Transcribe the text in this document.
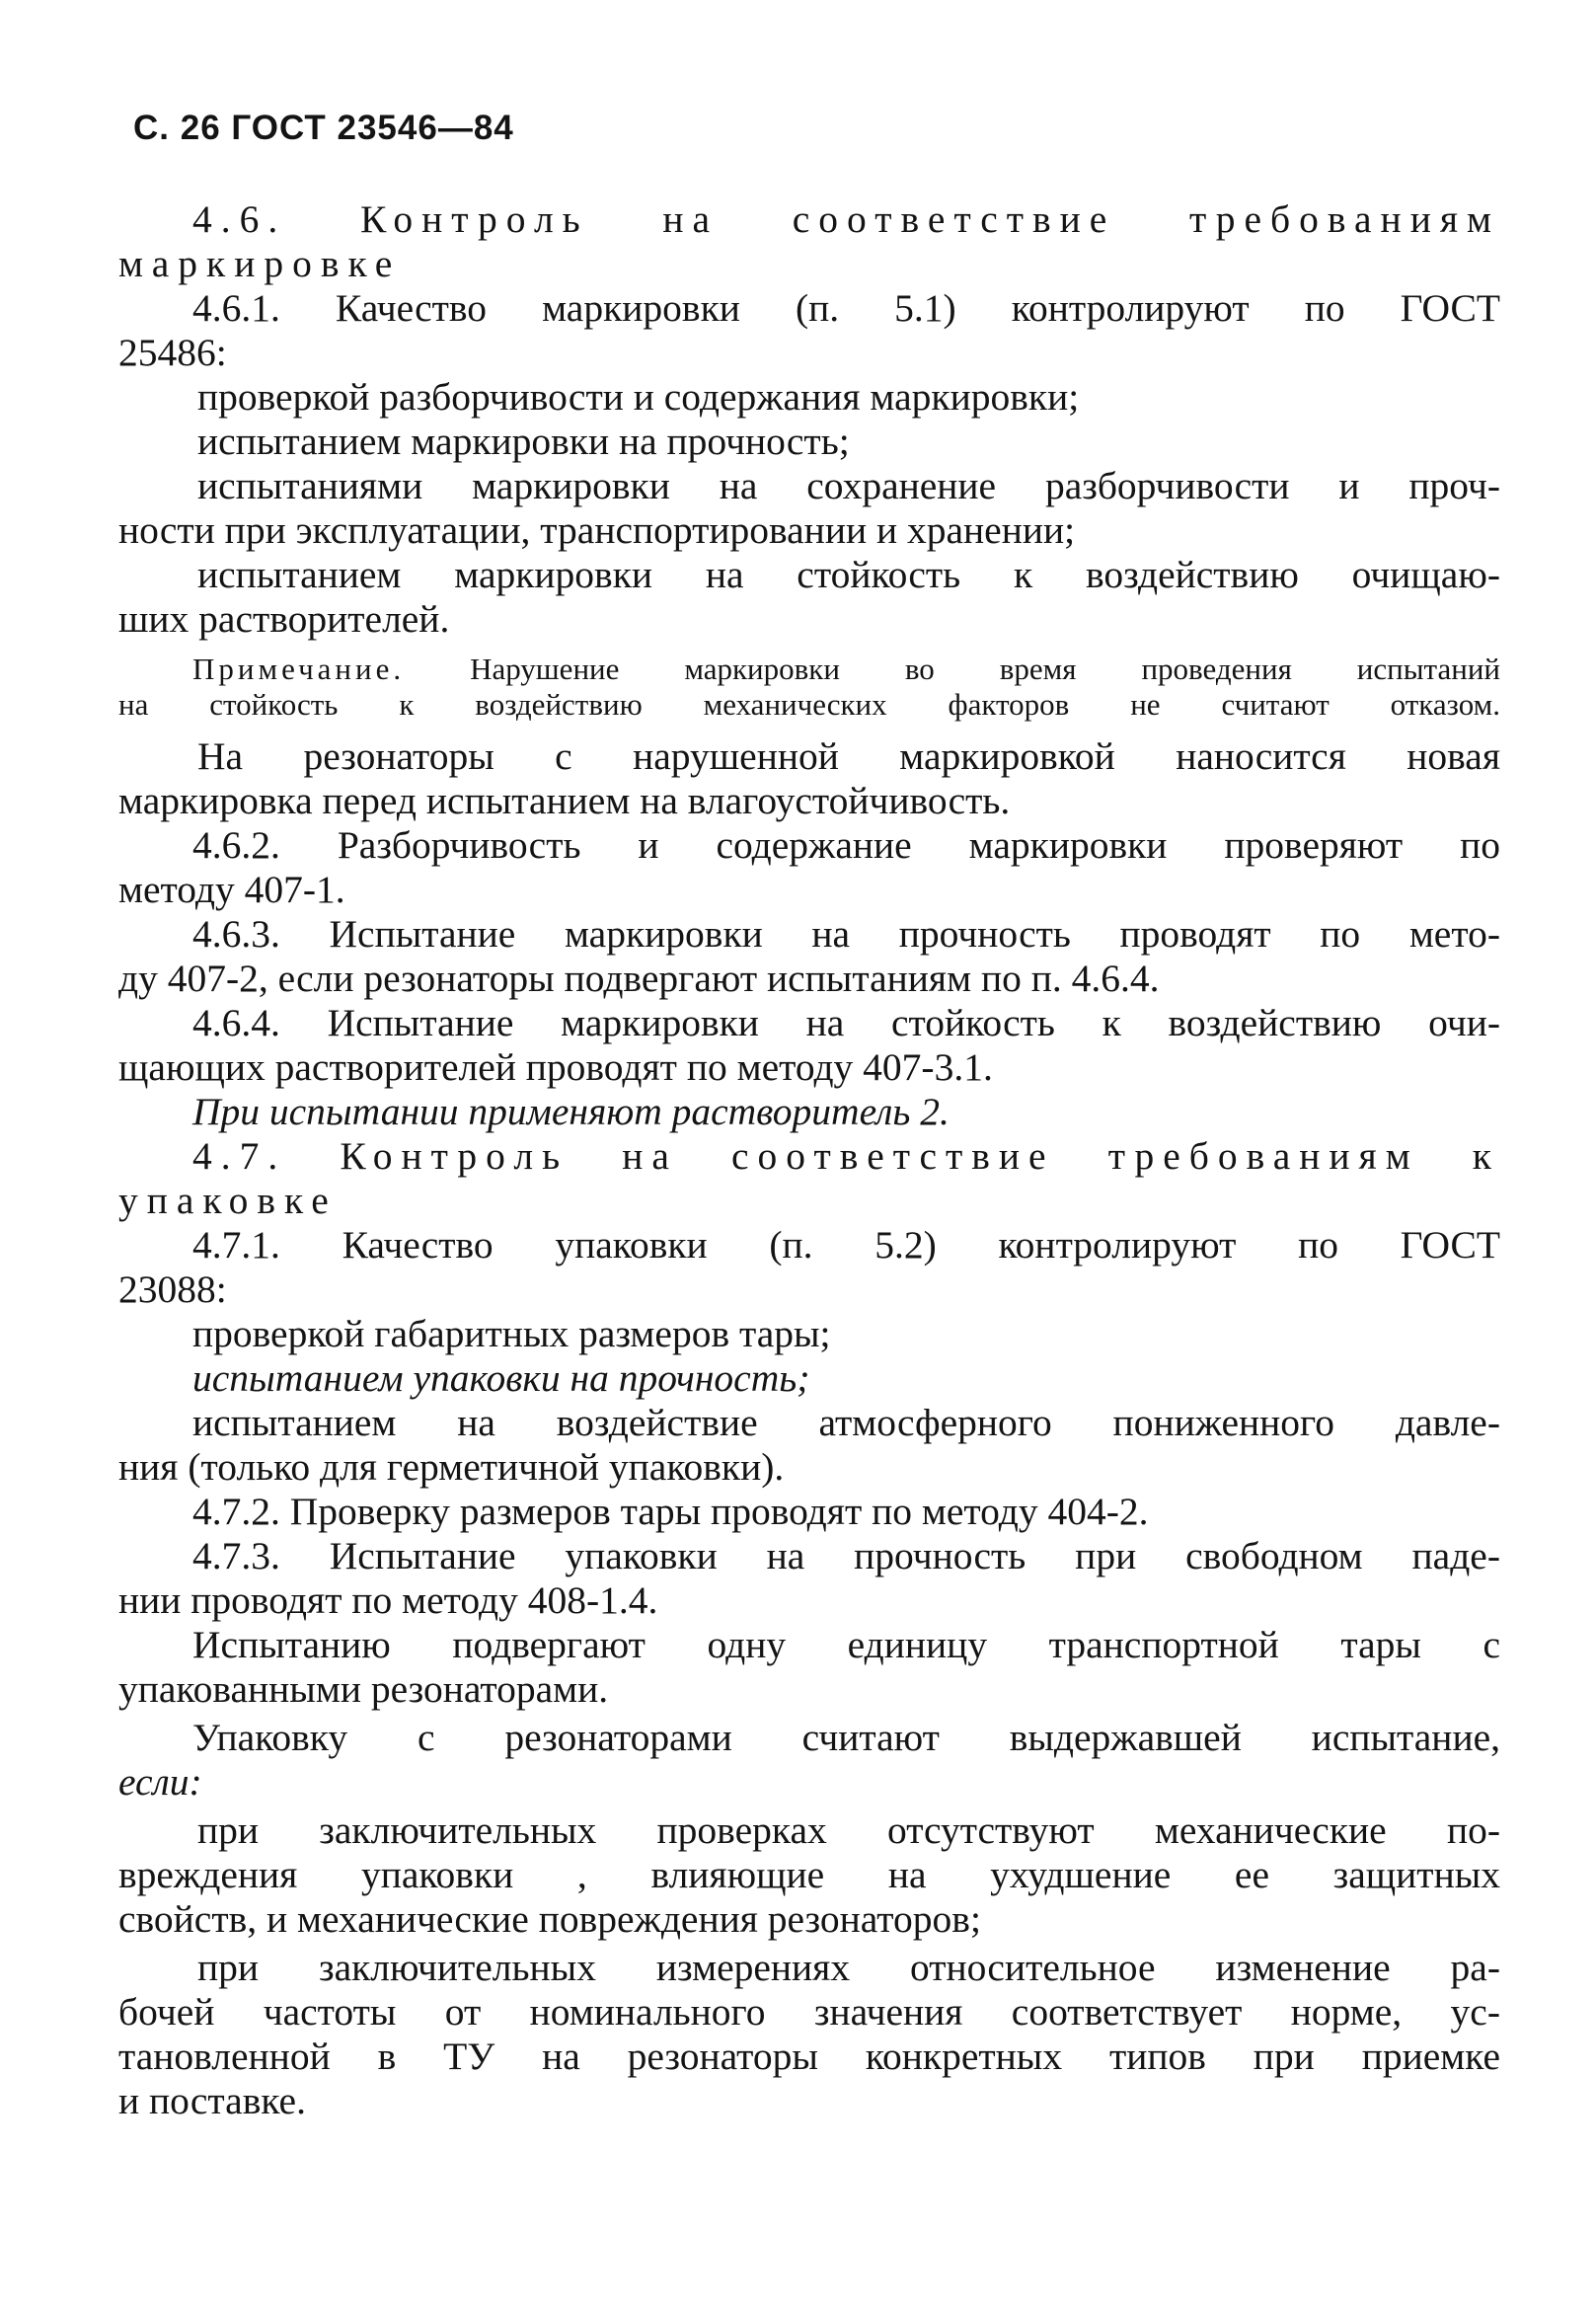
С. 26 ГОСТ 23546—84
4.6. Контроль на соответствие требованиям
маркировке
4.6.1. Качество маркировки (п. 5.1) контролируют по ГОСТ
25486:
проверкой разборчивости и содержания маркировки;
испытанием маркировки на прочность;
испытаниями маркировки на сохранение разборчивости и проч-
ности при эксплуатации, транспортировании и хранении;
испытанием маркировки на стойкость к воздействию очищаю-
ших растворителей.
Примечание. Нарушение маркировки во время проведения испытаний
на стойкость к воздействию механических факторов не считают отказом.
На резонаторы с нарушенной маркировкой наносится новая
маркировка перед испытанием на влагоустойчивость.
4.6.2. Разборчивость и содержание маркировки проверяют по
методу 407-1.
4.6.3. Испытание маркировки на прочность проводят по мето-
ду 407-2, если резонаторы подвергают испытаниям по п. 4.6.4.
4.6.4. Испытание маркировки на стойкость к воздействию очи-
щающих растворителей проводят по методу 407-3.1.
При испытании применяют растворитель 2.
4.7. Контроль на соответствие требованиям к
упаковке
4.7.1. Качество упаковки (п. 5.2) контролируют по ГОСТ
23088:
проверкой габаритных размеров тары;
испытанием упаковки на прочность;
испытанием на воздействие атмосферного пониженного давле-
ния (только для герметичной упаковки).
4.7.2. Проверку размеров тары проводят по методу 404-2.
4.7.3. Испытание упаковки на прочность при свободном паде-
нии проводят по методу 408-1.4.
Испытанию подвергают одну единицу транспортной тары с
упакованными резонаторами.
Упаковку с резонаторами считают выдержавшей испытание,
если:
при заключительных проверках отсутствуют механические по-
вреждения упаковки , влияющие на ухудшение ее защитных
свойств, и механические повреждения резонаторов;
при заключительных измерениях относительное изменение ра-
бочей частоты от номинального значения соответствует норме, ус-
тановленной в ТУ на резонаторы конкретных типов при приемке
и поставке.
